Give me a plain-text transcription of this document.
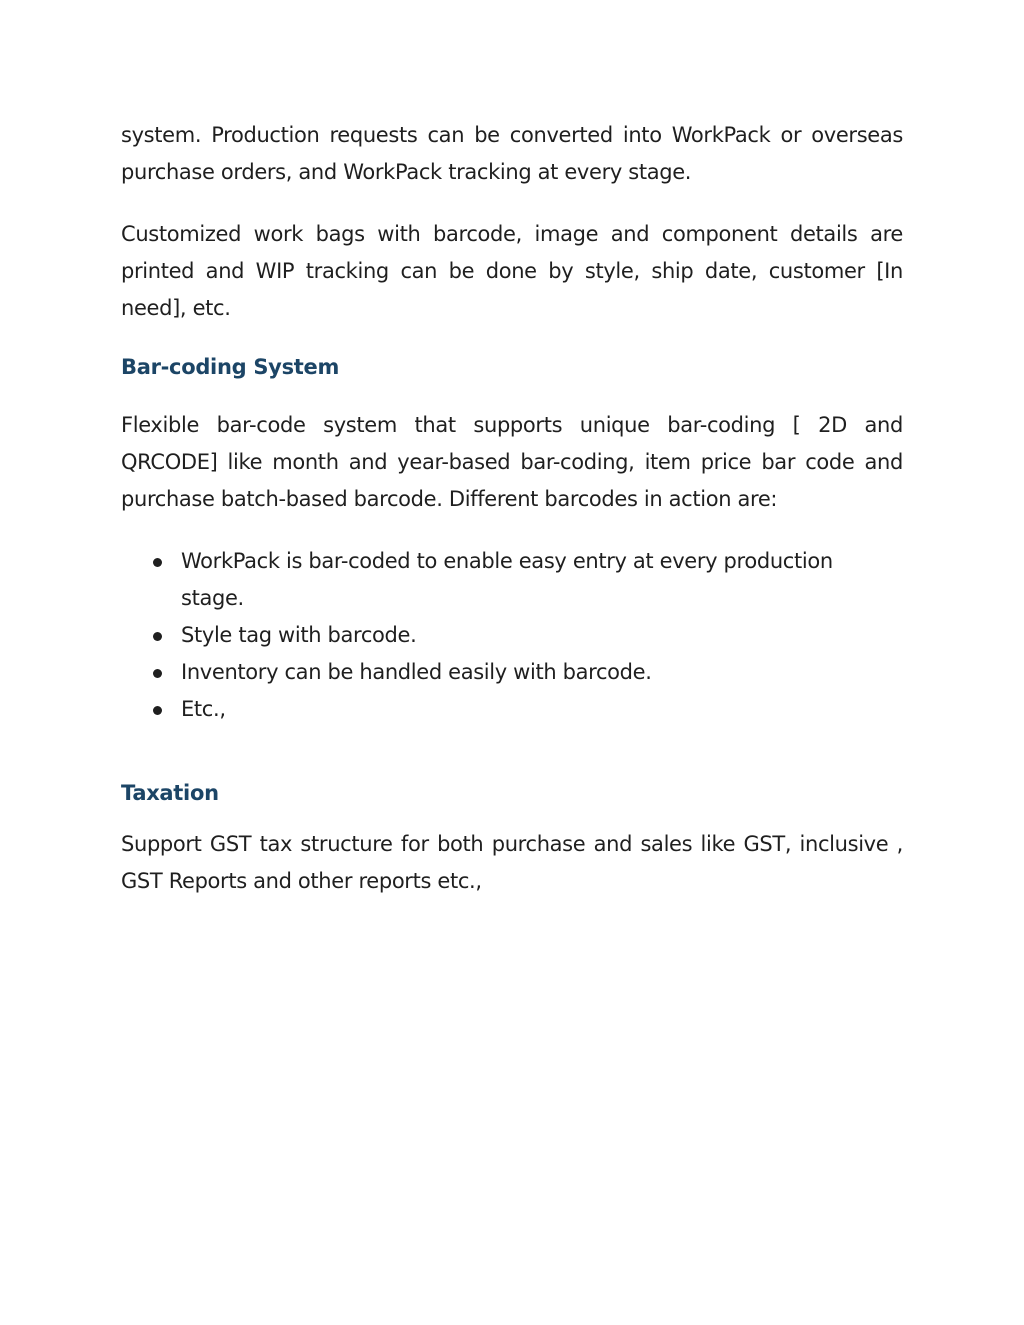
system. Production requests can be converted into WorkPack or overseas purchase orders, and WorkPack tracking at every stage.

Customized work bags with barcode, image and component details are printed and WIP tracking can be done by style, ship date, customer [In need], etc.

Bar-coding System

Flexible bar-code system that supports unique bar-coding [ 2D and QRCODE] like month and year-based bar-coding, item price bar code and purchase batch-based barcode. Different barcodes in action are:

WorkPack is bar-coded to enable easy entry at every production stage.
Style tag with barcode.
Inventory can be handled easily with barcode.
Etc.,
Taxation

Support GST tax structure for both purchase and sales like GST, inclusive , GST Reports and other reports etc.,
